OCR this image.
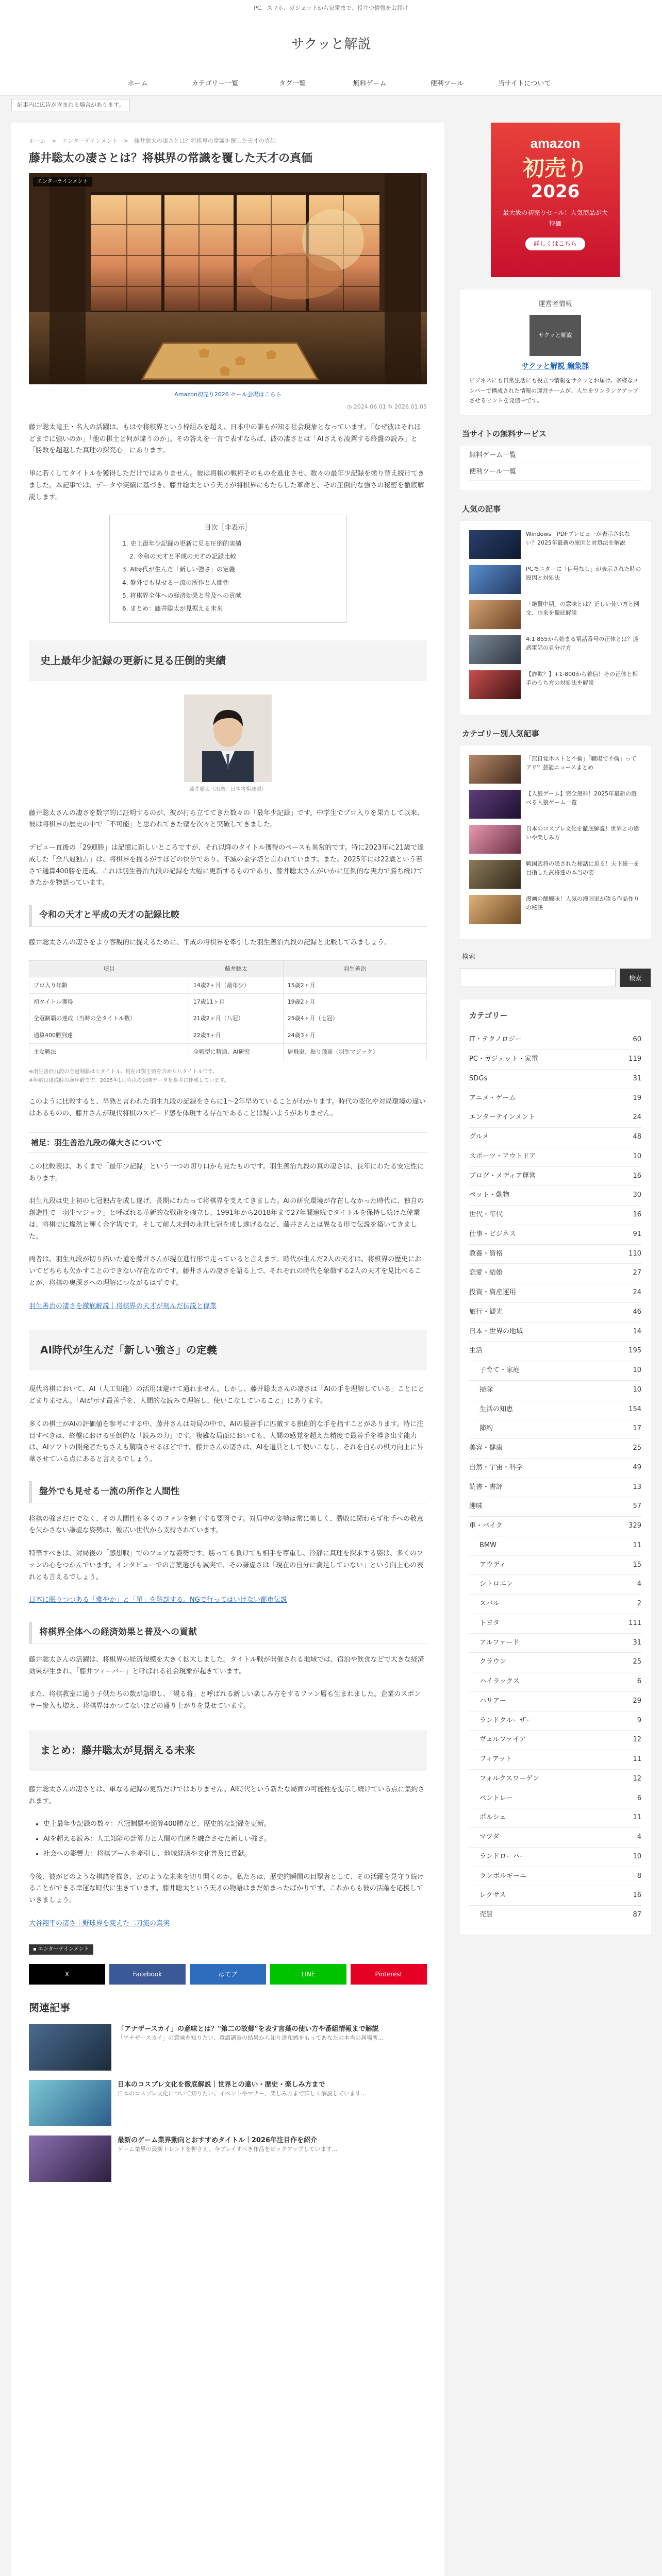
PC、スマホ、ガジェットから家電まで、役立つ情報をお届け
サクッと解説
ホーム	カテゴリー一覧	タグ一覧	無料ゲーム	便利ツール	当サイトについて
記事内に広告が含まれる場合があります。
ホーム　>　エンターテインメント　>　藤井聡太の凄さとは？将棋界の常識を覆した天才の真価
藤井聡太の凄さとは？将棋界の常識を覆した天才の真価
エンターテインメント
Amazon初売り2026 セール会場はこちら
◷ 2024.06.01 ↻ 2026.01.05

藤井聡太竜王・名人の活躍は、もはや将棋界という枠組みを超え、日本中の誰もが知る社会現象となっています。「なぜ彼はそれほどまでに強いのか」「他の棋士と何が違うのか」。その答えを一言で表すならば、彼の凄さとは「AIさえも凌駕する終盤の読み」と「勝敗を超越した真理の探究心」にあります。

単に若くしてタイトルを獲得しただけではありません。彼は将棋の戦術そのものを進化させ、数々の最年少記録を塗り替え続けてきました。本記事では、データや実績に基づき、藤井聡太という天才が将棋界にもたらした革命と、その圧倒的な強さの秘密を徹底解説します。

目次［非表示］
1. 史上最年少記録の更新に見る圧倒的実績
2. 令和の天才と平成の天才の記録比較
3. AI時代が生んだ「新しい強さ」の定義
4. 盤外でも見せる一流の所作と人間性
5. 将棋界全体への経済効果と普及への貢献
6. まとめ：藤井聡太が見据える未来
史上最年少記録の更新に見る圧倒的実績
藤井聡太（出典：日本将棋連盟）

藤井聡太さんの凄さを数字的に証明するのが、彼が打ち立ててきた数々の「最年少記録」です。中学生でプロ入りを果たして以来、彼は将棋界の歴史の中で「不可能」と思われてきた壁を次々と突破してきました。

デビュー直後の「29連勝」は記憶に新しいところですが、それ以降のタイトル獲得のペースも異常的です。特に2023年に21歳で達成した「全八冠独占」は、将棋界を揺るがすほどの快挙であり、不滅の金字塔と言われています。また、2025年には22歳という若さで通算400勝を達成。これは羽生善治九段の記録を大幅に更新するものであり、藤井聡太さんがいかに圧倒的な実力で勝ち続けてきたかを物語っています。

令和の天才と平成の天才の記録比較

藤井聡太さんの凄さをより客観的に捉えるために、平成の将棋界を牽引した羽生善治九段の記録と比較してみましょう。

項目	藤井聡太	羽生善治
プロ入り年齢	14歳2ヶ月（最年少）	15歳2ヶ月
初タイトル獲得	17歳11ヶ月	19歳2ヶ月
全冠制覇の達成（当時の全タイトル数）	21歳2ヶ月（八冠）	25歳4ヶ月（七冠）
通算400勝到達	22歳3ヶ月	24歳3ヶ月
主な戦法	全戦型に精通、AI研究	居飛車、振り飛車（羽生マジック）
※羽生善治九段の全冠制覇は七タイトル、現在は叡王戦を含めた八タイトルです。
※年齢は達成時の満年齢です。2025年1月時点の公開データを参考に作成しています。

このように比較すると、早熟と言われた羽生九段の記録をさらに1〜2年早めていることがわかります。時代の変化や対局環境の違いはあるものの、藤井さんが現代将棋のスピード感を体現する存在であることは疑いようがありません。

補足：羽生善治九段の偉大さについて

この比較表は、あくまで「最年少記録」という一つの切り口から見たものです。羽生善治九段の真の凄さは、長年にわたる安定性にあります。

羽生九段は史上初の七冠独占を成し遂げ、長期にわたって将棋界を支えてきました。AIの研究環境が存在しなかった時代に、独自の創造性で「羽生マジック」と呼ばれる革新的な戦術を確立し、1991年から2018年まで27年間連続でタイトルを保持し続けた偉業は、将棋史に燦然と輝く金字塔です。そして前人未到の永世七冠を成し遂げるなど、藤井さんとは異なる形で伝説を築いてきました。

両者は、羽生九段が切り拓いた道を藤井さんが現在進行形で走っていると言えます。時代が生んだ2人の天才は、将棋界の歴史においてどちらも欠かすことのできない存在なのです。藤井さんの凄さを語る上で、それぞれの時代を象徴する2人の天才を見比べることが、将棋の奥深さへの理解につながるはずです。

羽生善治の凄さを徹底解説｜将棋界の天才が刻んだ伝説と偉業
AI時代が生んだ「新しい強さ」の定義

現代将棋において、AI（人工知能）の活用は避けて通れません。しかし、藤井聡太さんの凄さは「AIの手を理解している」ことにとどまりません。「AIが示す最善手を、人間的な読みで理解し、使いこなしていること」にあります。

多くの棋士がAIの評価値を参考にする中、藤井さんは対局の中で、AIの最善手に匹敵する独創的な手を指すことがあります。特に注目すべきは、終盤における圧倒的な「読みの力」です。複雑な局面においても、人間の感覚を超えた精度で最善手を導き出す能力は、AIソフトの開発者たちさえも驚嘆させるほどです。藤井さんの凄さは、AIを道具として使いこなし、それを自らの棋力向上に昇華させている点にあると言えるでしょう。

盤外でも見せる一流の所作と人間性

将棋の強さだけでなく、その人間性も多くのファンを魅了する要因です。対局中の姿勢は常に美しく、勝敗に関わらず相手への敬意を欠かさない謙虚な姿勢は、幅広い世代から支持されています。

特筆すべきは、対局後の「感想戦」でのフェアな姿勢です。勝っても負けても相手を尊重し、冷静に真理を探求する姿は、多くのファンの心をつかんでいます。インタビューでの言葉選びも誠実で、その謙虚さは「現在の自分に満足していない」という向上心の表れとも言えるでしょう。

日本に眠りつつある「雅やか」と「星」を解剖する。NGで行ってはいけない都市伝説
将棋界全体への経済効果と普及への貢献

藤井聡太さんの活躍は、将棋界の経済規模を大きく拡大しました。タイトル戦が開催される地域では、宿泊や飲食などで大きな経済効果が生まれ、「藤井フィーバー」と呼ばれる社会現象が起きています。

また、将棋教室に通う子供たちの数が急増し、「観る将」と呼ばれる新しい楽しみ方をするファン層も生まれました。企業のスポンサー参入も増え、将棋界はかつてないほどの盛り上がりを見せています。

まとめ：藤井聡太が見据える未来

藤井聡太さんの凄さとは、単なる記録の更新だけではありません。AI時代という新たな局面の可能性を提示し続けている点に集約されます。

• 史上最年少記録の数々：八冠制覇や通算400勝など、歴史的な記録を更新。
• AIを超える読み：人工知能の計算力と人間の直感を融合させた新しい強さ。
• 社会への影響力：将棋ブームを牽引し、地域経済や文化普及に貢献。

今後、彼がどのような棋譜を描き、どのような未来を切り開くのか。私たちは、歴史的瞬間の目撃者として、その活躍を見守り続けることができる幸運な時代に生きています。藤井聡太という天才の物語はまだ始まったばかりです。これからも彼の活躍を応援していきましょう。

大谷翔平の凄さ｜野球界を変えた二刀流の真実
▪ エンターテインメント
X	Facebook	はてブ	LINE	Pinterest
関連記事
「アナザースカイ」の意味とは？"第二の故郷"を表す言葉の使い方や番組情報まで解説
「アナザースカイ」の意味を知りたい、意識調査の結果から知り違和感をもってあなたの本当の居場所…
日本のコスプレ文化を徹底解説｜世界との違い・歴史・楽しみ方まで
日本のコスプレ文化について知りたい。イベントやマナー、楽しみ方まで詳しく解説しています…
最新のゲーム業界動向とおすすめタイトル｜2026年注目作を紹介
ゲーム業界の最新トレンドを押さえ、今プレイすべき作品をピックアップしています…
amazon
初売り
2026
最大級の初売りセール！人気商品が大特価
詳しくはこちら
運営者情報
サクッと解説
サクッと解説 編集部
ビジネスにも日常生活にも役立つ情報をサクッとお届け。多様なメンバーで構成された情報の運営チームが、人生をワンランクアップさせるヒントを発信中です。
当サイトの無料サービス
無料ゲーム一覧
便利ツール一覧
人気の記事
Windows「PDFプレビューが表示されない？2025年最新の原因と対処法を解説
PCモニターに「信号なし」が表示された時の原因と対処法
「絶賛中期」の意味とは？正しい使い方と例文、由来を徹底解説
4:1 855から始まる電話番号の正体とは？迷惑電話の見分け方
【詐欺？】+1-800から着信！その正体と相手のうち方の対処法を解説
カテゴリー別人気記事
「無自覚ホストと不倫」「職場で不倫」ってアリ？芸能ニュースまとめ
【人狼ゲーム】完全無料！2025年最新の遊べる人狼ゲーム一覧
日本のコスプレ文化を徹底解説！世界との違いや楽しみ方
戦国武将の隠された秘話に迫る！天下統一を目指した武将達の本当の姿
漫画の醍醐味！人気の漫画家が語る作品作りの秘訣
検索
検索
カテゴリー
IT・テクノロジー	60
PC・ガジェット・家電	119
SDGs	31
アニメ・ゲーム	19
エンターテインメント	24
グルメ	48
スポーツ・アウトドア	10
ブログ・メディア運営	16
ペット・動物	30
世代・年代	16
仕事・ビジネス	91
教養・資格	110
恋愛・結婚	27
投資・資産運用	24
旅行・観光	46
日本・世界の地域	14
生活	195
子育て・家庭	10
掃除	10
生活の知恵	154
節約	17
美容・健康	25
自然・宇宙・科学	49
読書・書評	13
趣味	57
車・バイク	329
BMW	11
アウディ	15
シトロエン	4
スバル	2
トヨタ	111
アルファード	31
クラウン	25
ハイラックス	6
ハリアー	29
ランドクルーザー	9
ヴェルファイア	12
フィアット	11
フォルクスワーゲン	12
ベントレー	6
ポルシェ	11
マツダ	4
ランドローバー	10
ランボルギーニ	8
レクサス	16
売買	87
